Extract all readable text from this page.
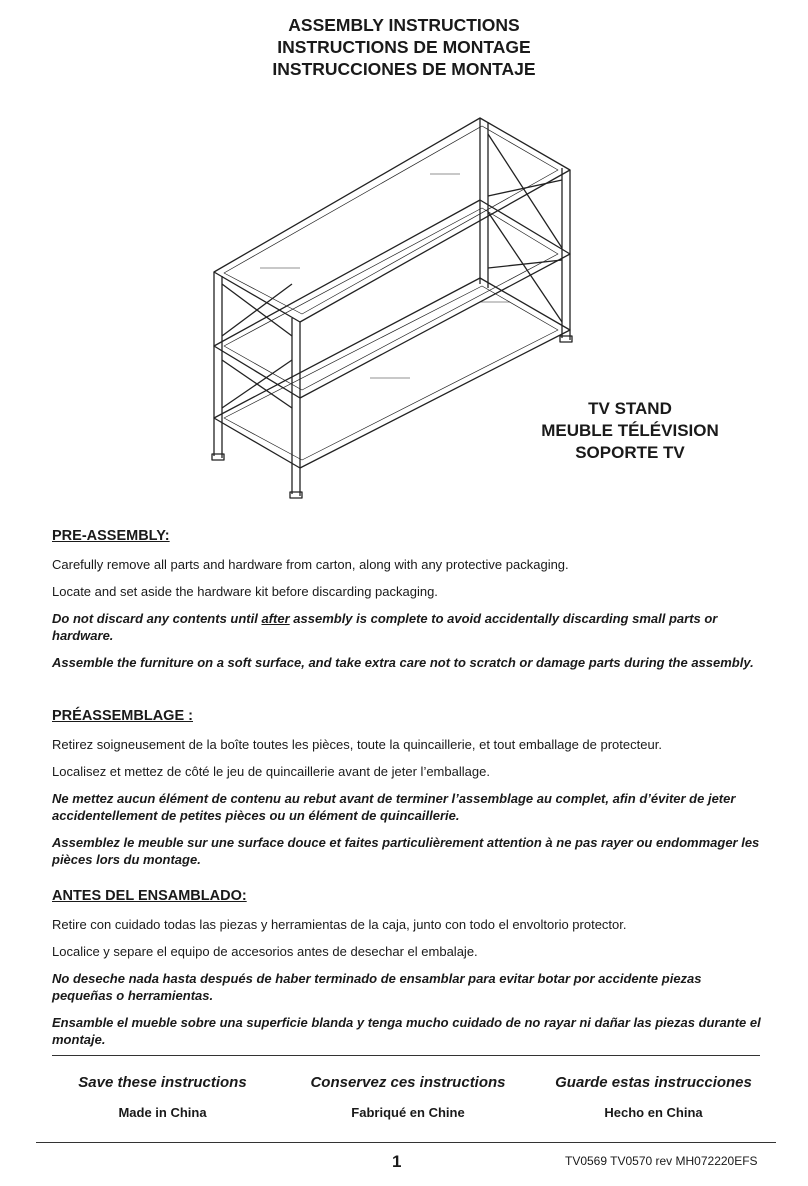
ASSEMBLY INSTRUCTIONS
INSTRUCTIONS DE MONTAGE
INSTRUCCIONES DE MONTAJE
TV STAND
MEUBLE TÉLÉVISION
SOPORTE TV
PRE-ASSEMBLY:
Carefully remove all parts and hardware from carton, along with any protective packaging.
Locate and set aside the hardware kit before discarding packaging.
Do not discard any contents until after assembly is complete to avoid accidentally discarding small parts or hardware.
Assemble the furniture on a soft surface, and take extra care not to scratch or damage parts during the assembly.
PRÉASSEMBLAGE :
Retirez soigneusement de la boîte toutes les pièces, toute la quincaillerie, et tout emballage de protecteur.
Localisez et mettez de côté le jeu de quincaillerie avant de jeter l’emballage.
Ne mettez aucun élément de contenu au rebut avant de terminer l’assemblage au complet, afin d’éviter de jeter accidentellement de petites pièces ou un élément de quincaillerie.
Assemblez le meuble sur une surface douce et faites particulièrement attention à ne pas rayer ou endommager les pièces lors du montage.
ANTES DEL ENSAMBLADO:
Retire con cuidado todas las piezas y herramientas de la caja, junto con todo el envoltorio protector.
Localice y separe el equipo de accesorios antes de desechar el embalaje.
No deseche nada hasta después de haber terminado de ensamblar para evitar botar por accidente piezas pequeñas o herramientas.
Ensamble el mueble sobre una superficie blanda y tenga mucho cuidado de no rayar ni dañar las piezas durante el montaje.
Save these instructions
Made in China
Conservez ces instructions
Fabriqué en Chine
Guarde estas instrucciones
Hecho en China
1	TV0569 TV0570 rev MH072220EFS
